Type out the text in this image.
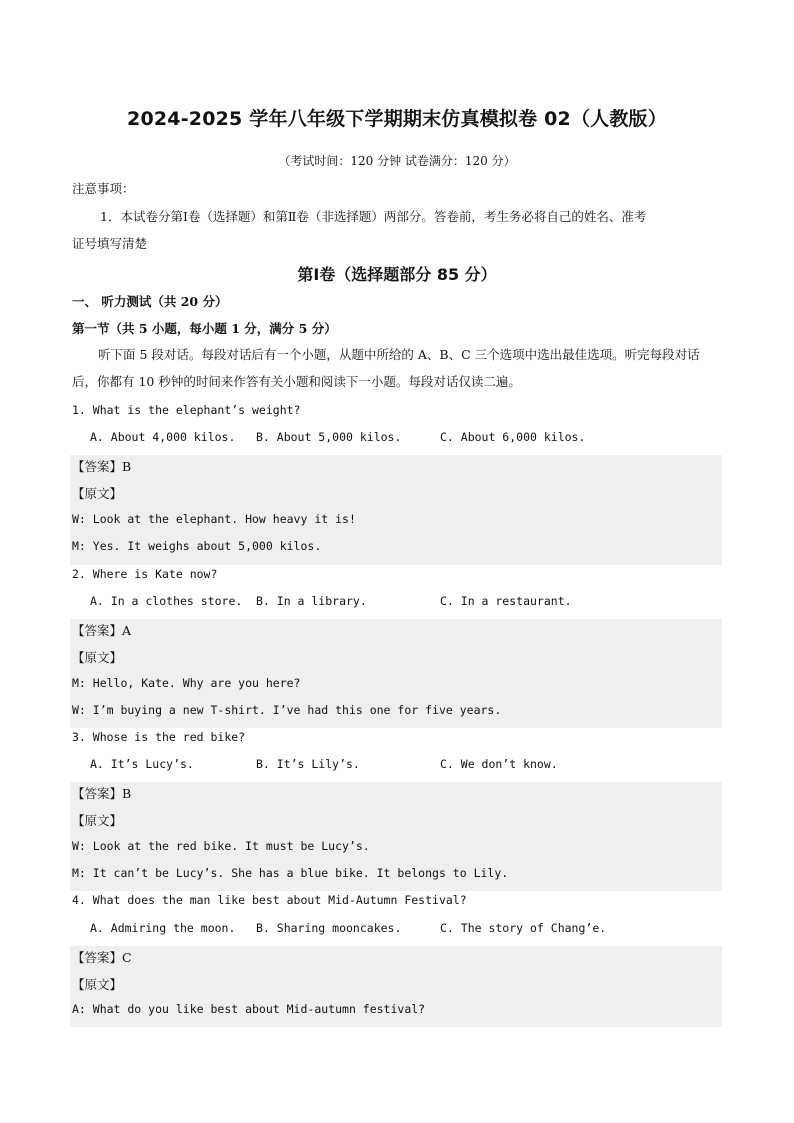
2024-2025 学年八年级下学期期末仿真模拟卷 02（人教版）
（考试时间：120 分钟 试卷满分：120 分）
注意事项：
1．本试卷分第Ⅰ卷（选择题）和第Ⅱ卷（非选择题）两部分。答卷前，考生务必将自己的姓名、准考
证号填写清楚
第Ⅰ卷（选择题部分 85 分）
一、 听力测试（共 20 分）
第一节（共 5 小题，每小题 1 分，满分 5 分）
听下面 5 段对话。每段对话后有一个小题，从题中所给的 A、B、C 三个选项中选出最佳选项。听完每段对话后，你都有 10 秒钟的时间来作答有关小题和阅读下一小题。每段对话仅读二遍。
1. What is the elephant’s weight?
A. About 4,000 kilos. B. About 5,000 kilos.	C. About 6,000 kilos.
【答案】B
【原文】
W: Look at the elephant. How heavy it is!
M: Yes. It weighs about 5,000 kilos.
2. Where is Kate now?
A. In a clothes store. B. In a library.	C. In a restaurant.
【答案】A
【原文】
M: Hello, Kate. Why are you here?
W: I’m buying a new T-shirt. I’ve had this one for five years.
3. Whose is the red bike?
A. It’s Lucy’s.	B. It’s Lily’s.	C. We don’t know.
【答案】B
【原文】
W: Look at the red bike. It must be Lucy’s.
M: It can’t be Lucy’s. She has a blue bike. It belongs to Lily.
4. What does the man like best about Mid-Autumn Festival?
A. Admiring the moon. B. Sharing mooncakes.	C. The story of Chang’e.
【答案】C
【原文】
A: What do you like best about Mid-autumn festival?
